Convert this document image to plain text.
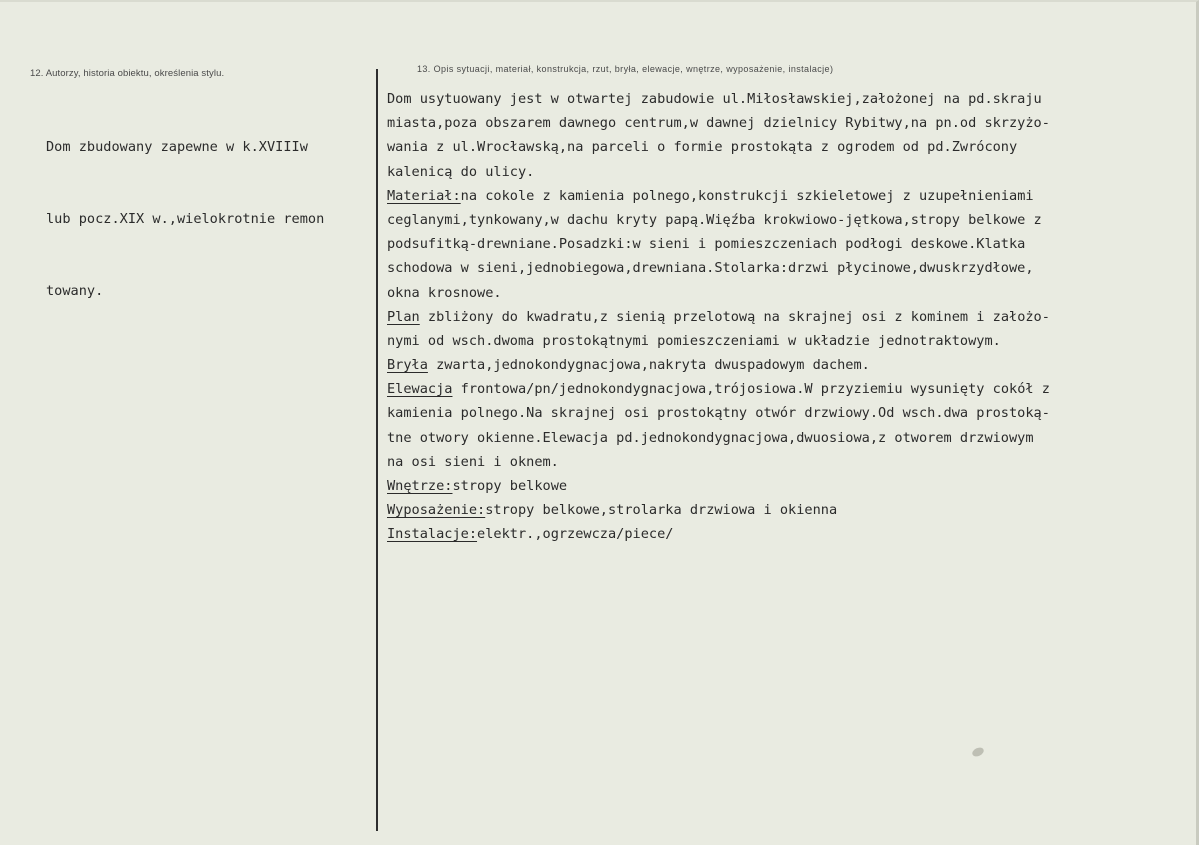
12. Autorzy, historia obiektu, określenia stylu.	13. Opis sytuacji, materiał, konstrukcja, rzut, bryła, elewacje, wnętrze, wyposażenie, instalacje)

Dom zbudowany zapewne w k.XVIIIw

lub pocz.XIX w.,wielokrotnie remon

towany.

Dom usytuowany jest w otwartej zabudowie ul.Miłosławskiej,założonej na pd.skraju
miasta,poza obszarem dawnego centrum,w dawnej dzielnicy Rybitwy,na pn.od skrzyżo-
wania z ul.Wrocławską,na parceli o formie prostokąta z ogrodem od pd.Zwrócony
kalenicą do ulicy.
Materiał:na cokole z kamienia polnego,konstrukcji szkieletowej z uzupełnieniami
ceglanymi,tynkowany,w dachu kryty papą.Więźba krokwiowo-jętkowa,stropy belkowe z
podsufitką-drewniane.Posadzki:w sieni i pomieszczeniach podłogi deskowe.Klatka
schodowa w sieni,jednobiegowa,drewniana.Stolarka:drzwi płycinowe,dwuskrzydłowe,
okna krosnowe.
Plan zbliżony do kwadratu,z sienią przelotową na skrajnej osi z kominem i założo-
nymi od wsch.dwoma prostokątnymi pomieszczeniami w układzie jednotraktowym.
Bryła zwarta,jednokondygnacjowa,nakryta dwuspadowym dachem.
Elewacja frontowa/pn/jednokondygnacjowa,trójosiowa.W przyziemiu wysunięty cokół z
kamienia polnego.Na skrajnej osi prostokątny otwór drzwiowy.Od wsch.dwa prostoką-
tne otwory okienne.Elewacja pd.jednokondygnacjowa,dwuosiowa,z otworem drzwiowym
na osi sieni i oknem.
Wnętrze:stropy belkowe
Wyposażenie:stropy belkowe,strolarka drzwiowa i okienna
Instalacje:elektr.,ogrzewcza/piece/
